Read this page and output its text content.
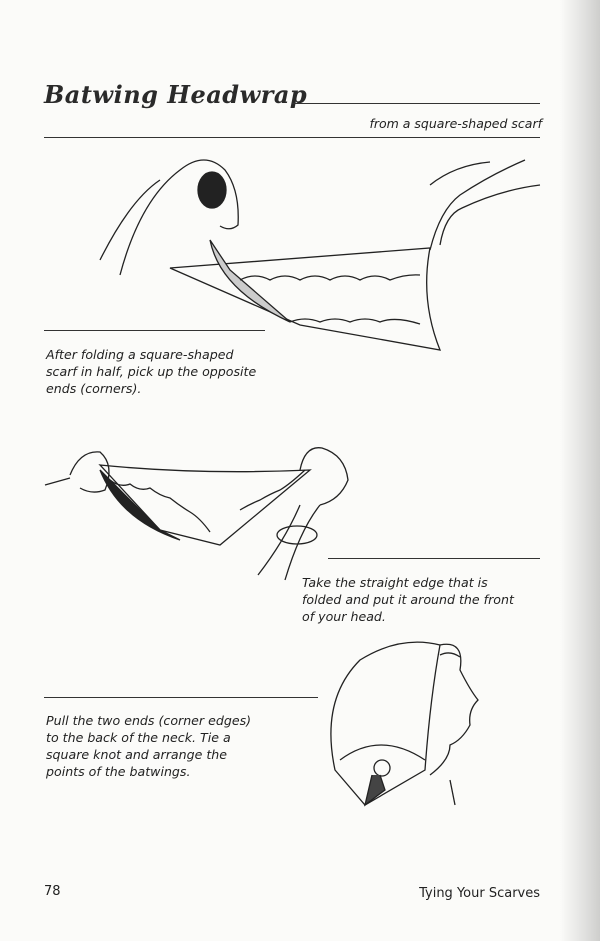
Batwing Headwrap
from a square-shaped scarf
After folding a square-shaped
scarf in half, pick up the opposite
ends (corners).
Take the straight edge that is
folded and put it around the front
of your head.
Pull the two ends (corner edges)
to the back of the neck. Tie a
square knot and arrange the
points of the batwings.
78	Tying Your Scarves
